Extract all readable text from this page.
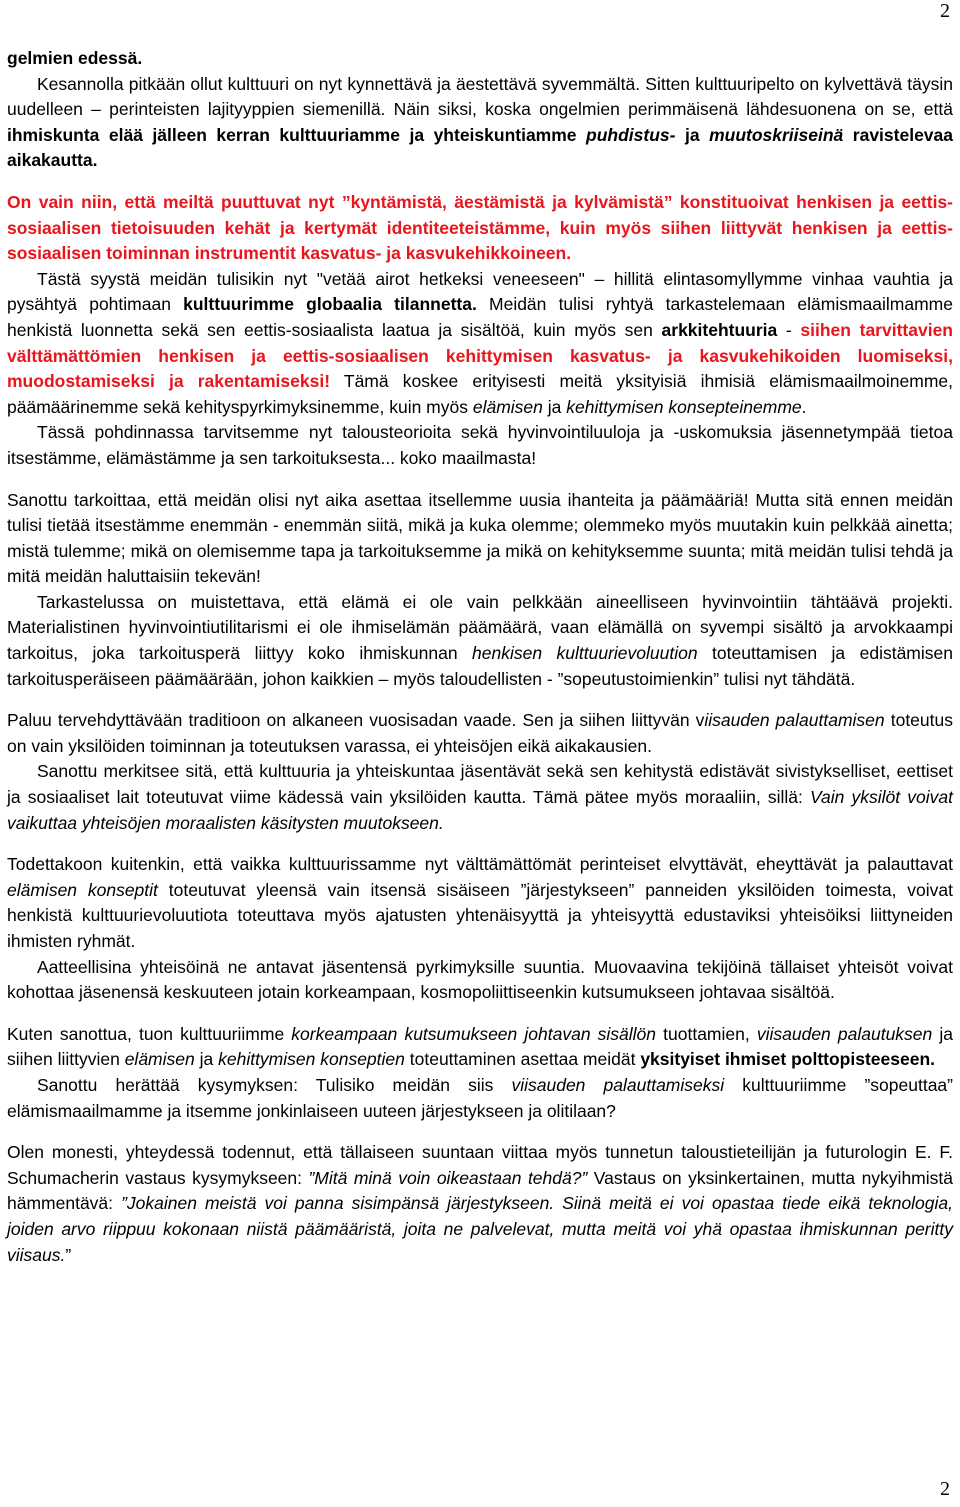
2

gelmien edessä.

Kesannolla pitkään ollut kulttuuri on nyt kynnettävä ja äestettävä syvemmältä. Sitten kulttuuripelto on kylvettävä täysin uudelleen – perinteisten lajityyppien siemenillä. Näin siksi, koska ongelmien perimmäisenä lähdesuonena on se, että ihmiskunta elää jälleen kerran kulttuuriamme ja yhteiskuntiamme puhdistus- ja muutoskriiseinä ravistelevaa aikakautta.

On vain niin, että meiltä puuttuvat nyt ”kyntämistä, äestämistä ja kylvämistä” konstituoivat henkisen ja eettis-sosiaalisen tietoisuuden kehät ja kertymät identiteeteistämme, kuin myös siihen liittyvät henkisen ja eettis-sosiaalisen toiminnan instrumentit kasvatus- ja kasvukehikkoineen.

Tästä syystä meidän tulisikin nyt "vetää airot hetkeksi veneeseen" – hillitä elintasomyllymme vinhaa vauhtia ja pysähtyä pohtimaan kulttuurimme globaalia tilannetta. Meidän tulisi ryhtyä tarkastelemaan elämismaailmamme henkistä luonnetta sekä sen eettis-sosiaalista laatua ja sisältöä, kuin myös sen arkkitehtuuria - siihen tarvittavien välttämättömien henkisen ja eettis-sosiaalisen kehittymisen kasvatus- ja kasvukehikoiden luomiseksi, muodostamiseksi ja rakentamiseksi! Tämä koskee erityisesti meitä yksityisiä ihmisiä elämismaailmoinemme, päämäärinemme sekä kehityspyrkimyksinemme, kuin myös elämisen ja kehittymisen konsepteinemme.

Tässä pohdinnassa tarvitsemme nyt talousteorioita sekä hyvinvointiluuloja ja -uskomuksia jäsennetympää tietoa itsestämme, elämästämme ja sen tarkoituksesta... koko maailmasta!

Sanottu tarkoittaa, että meidän olisi nyt aika asettaa itsellemme uusia ihanteita ja päämääriä! Mutta sitä ennen meidän tulisi tietää itsestämme enemmän - enemmän siitä, mikä ja kuka olemme; olemmeko myös muutakin kuin pelkkää ainetta; mistä tulemme; mikä on olemisemme tapa ja tarkoituksemme ja mikä on kehityksemme suunta; mitä meidän tulisi tehdä ja mitä meidän haluttaisiin tekevän!

Tarkastelussa on muistettava, että elämä ei ole vain pelkkään aineelliseen hyvinvointiin tähtäävä projekti. Materialistinen hyvinvointiutilitarismi ei ole ihmiselämän päämäärä, vaan elämällä on syvempi sisältö ja arvokkaampi tarkoitus, joka tarkoitusperä liittyy koko ihmiskunnan henkisen kulttuurievoluution toteuttamisen ja edistämisen tarkoitusperäiseen päämäärään, johon kaikkien – myös taloudellisten - ”sopeutustoimienkin” tulisi nyt tähdätä.

Paluu tervehdyttävään traditioon on alkaneen vuosisadan vaade. Sen ja siihen liittyvän viisauden palauttamisen toteutus on vain yksilöiden toiminnan ja toteutuksen varassa, ei yhteisöjen eikä aikakausien.

Sanottu merkitsee sitä, että kulttuuria ja yhteiskuntaa jäsentävät sekä sen kehitystä edistävät sivistykselliset, eettiset ja sosiaaliset lait toteutuvat viime kädessä vain yksilöiden kautta. Tämä pätee myös moraaliin, sillä: Vain yksilöt voivat vaikuttaa yhteisöjen moraalisten käsitysten muutokseen.

Todettakoon kuitenkin, että vaikka kulttuurissamme nyt välttämättömät perinteiset elvyttävät, eheyttävät ja palauttavat elämisen konseptit toteutuvat yleensä vain itsensä sisäiseen ”järjestykseen” panneiden yksilöiden toimesta, voivat henkistä kulttuurievoluutiota toteuttava myös ajatusten yhtenäisyyttä ja yhteisyyttä edustaviksi yhteisöiksi liittyneiden ihmisten ryhmät.

Aatteellisina yhteisöinä ne antavat jäsentensä pyrkimyksille suuntia. Muovaavina tekijöinä tällaiset yhteisöt voivat kohottaa jäsenensä keskuuteen jotain korkeampaan, kosmopoliittiseenkin kutsumukseen johtavaa sisältöä.

Kuten sanottua, tuon kulttuuriimme korkeampaan kutsumukseen johtavan sisällön tuottamien, viisauden palautuksen ja siihen liittyvien elämisen ja kehittymisen konseptien toteuttaminen asettaa meidät yksityiset ihmiset polttopisteeseen.

Sanottu herättää kysymyksen: Tulisiko meidän siis viisauden palauttamiseksi kulttuuriimme ”sopeuttaa” elämismaailmamme ja itsemme jonkinlaiseen uuteen järjestykseen ja olitilaan?

Olen monesti, yhteydessä todennut, että tällaiseen suuntaan viittaa myös tunnetun taloustieteilijän ja futurologin E. F. Schumacherin vastaus kysymykseen: ”Mitä minä voin oikeastaan tehdä?” Vastaus on yksinkertainen, mutta nykyihmistä hämmentävä: ”Jokainen meistä voi panna sisimpänsä järjestykseen. Siinä meitä ei voi opastaa tiede eikä teknologia, joiden arvo riippuu kokonaan niistä päämääristä, joita ne palvelevat, mutta meitä voi yhä opastaa ihmiskunnan peritty viisaus.”

2
